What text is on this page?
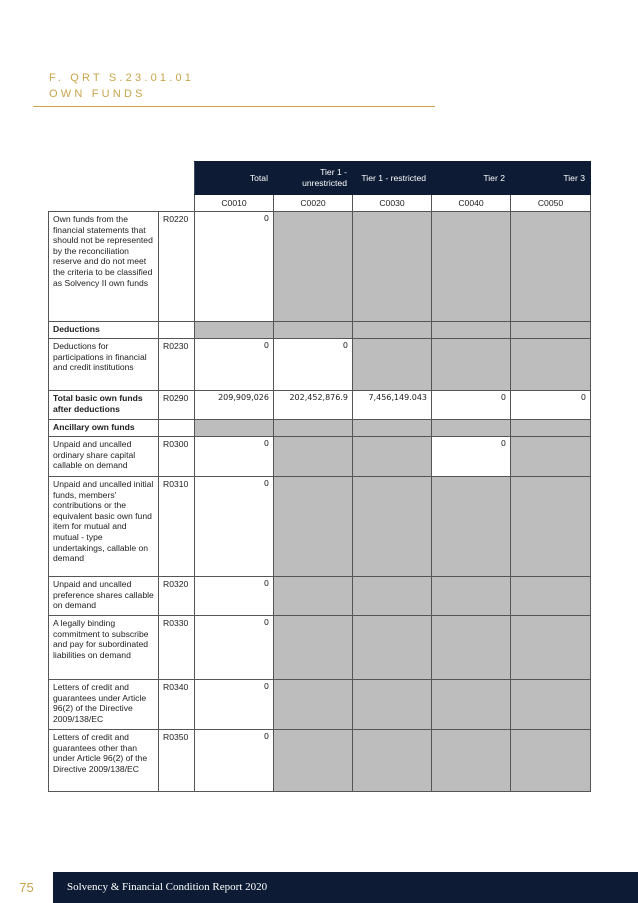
F. QRT S.23.01.01
OWN FUNDS
		Total	Tier 1 - unrestricted	Tier 1 - restricted	Tier 2	Tier 3
		C0010	C0020	C0030	C0040	C0050
Own funds from the financial statements that should not be represented by the reconciliation reserve and do not meet the criteria to be classified as Solvency II own funds	R0220	0				
Deductions						
Deductions for participations in financial and credit institutions	R0230	0	0			
Total basic own funds after deductions	R0290	209,909,026	202,452,876.9	7,456,149.043	0	0
Ancillary own funds						
Unpaid and uncalled ordinary share capital callable on demand	R0300	0			0	
Unpaid and uncalled initial funds, members' contributions or the equivalent basic own fund item for mutual and mutual - type undertakings, callable on demand	R0310	0				
Unpaid and uncalled preference shares callable on demand	R0320	0				
A legally binding commitment to subscribe and pay for subordinated liabilities on demand	R0330	0				
Letters of credit and guarantees under Article 96(2) of the Directive 2009/138/EC	R0340	0				
Letters of credit and guarantees other than under Article 96(2) of the Directive 2009/138/EC	R0350	0				
75	Solvency & Financial Condition Report 2020
